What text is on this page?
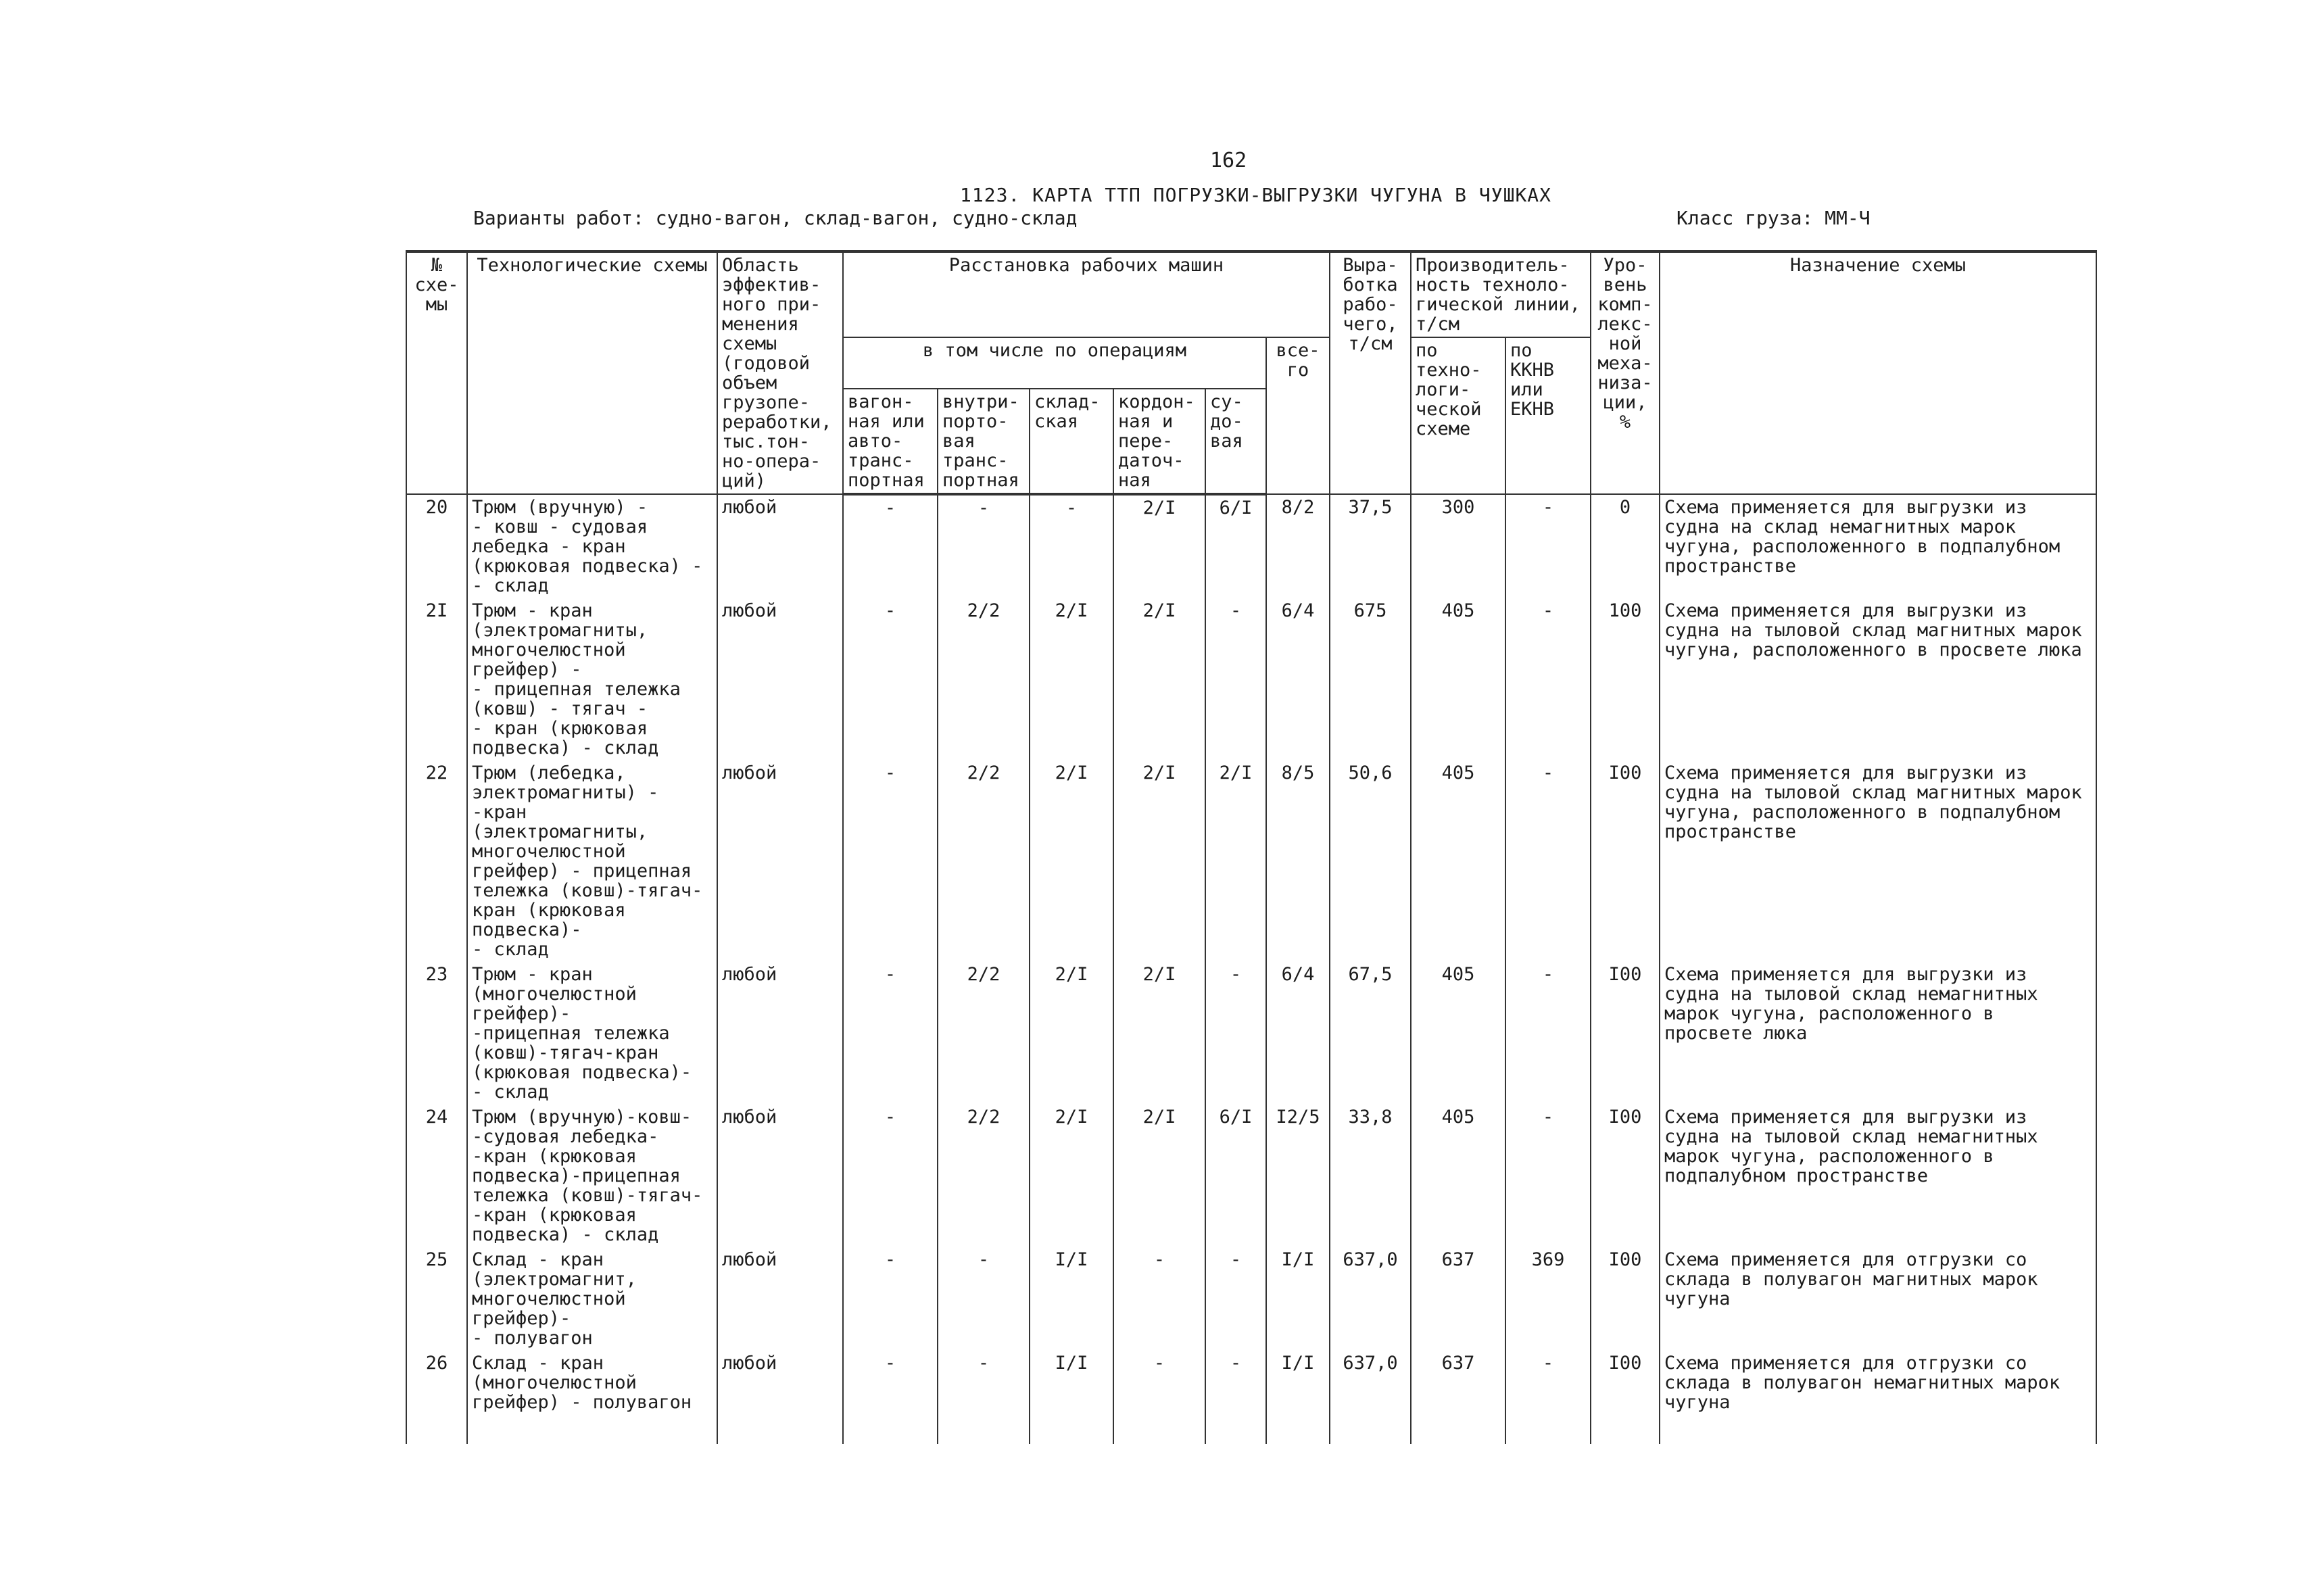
162
1123. КАРТА ТТП ПОГРУЗКИ-ВЫГРУЗКИ ЧУГУНА В ЧУШКАХ
Варианты работ: судно-вагон, склад-вагон, судно-склад	Класс груза: ММ-Ч
№ схе-мы	Технологические схемы	Область эффектив-ного при-менения схемы (годовой объем грузопе-реработки, тыс.тон-но-опера-ций)	Расстановка рабочих машин						Выра-ботка рабо-чего, т/см	Производитель-ность техноло-гической линии, т/см		Уро-вень комп-лекс-ной меха-низа-ции, %	Назначение схемы
			в том числе по операциям					все-го		по техно-логи-ческой схеме	по ККНВ или ЕКНВ		
			вагон-ная или авто-транс-портная	внутри-порто-вая транс-портная	склад-ская	кордон-ная и пере-даточ-ная	су-до-вая						
20	Трюм (вручную) -
- ковш - судовая лебедка - кран (крюковая подвеска) -
- склад	любой	-	-	-	2/I	6/I	8/2	37,5	300	-	0	Схема применяется для выгрузки из судна на склад немагнитных марок чугуна, расположенного в подпалубном пространстве
2I	Трюм - кран (электромагниты, многочелюстной грейфер) -
- прицепная тележка (ковш) - тягач -
- кран (крюковая подвеска) - склад	любой	-	2/2	2/I	2/I	-	6/4	675	405	-	100	Схема применяется для выгрузки из судна на тыловой склад магнитных марок чугуна, расположенного в просвете люка
22	Трюм (лебедка, электромагниты) -
-кран (электромагниты, многочелюстной грейфер) - прицепная тележка (ковш)-тягач-кран (крюковая подвеска)-
- склад	любой	-	2/2	2/I	2/I	2/I	8/5	50,6	405	-	I00	Схема применяется для выгрузки из судна на тыловой склад магнитных марок чугуна, расположенного в подпалубном пространстве
23	Трюм - кран (многочелюстной грейфер)-
-прицепная тележка (ковш)-тягач-кран (крюковая подвеска)-
- склад	любой	-	2/2	2/I	2/I	-	6/4	67,5	405	-	I00	Схема применяется для выгрузки из судна на тыловой склад немагнитных марок чугуна, расположенного в просвете люка
24	Трюм (вручную)-ковш-
-судовая лебедка-
-кран (крюковая подвеска)-прицепная тележка (ковш)-тягач-
-кран (крюковая подвеска) - склад	любой	-	2/2	2/I	2/I	6/I	I2/5	33,8	405	-	I00	Схема применяется для выгрузки из судна на тыловой склад немагнитных марок чугуна, расположенного в подпалубном пространстве
25	Склад - кран (электромагнит, многочелюстной грейфер)-
- полувагон	любой	-	-	I/I	-	-	I/I	637,0	637	369	I00	Схема применяется для отгрузки со склада в полувагон магнитных марок чугуна
26	Склад - кран (многочелюстной грейфер) - полувагон	любой	-	-	I/I	-	-	I/I	637,0	637	-	I00	Схема применяется для отгрузки со склада в полувагон немагнитных марок чугуна
